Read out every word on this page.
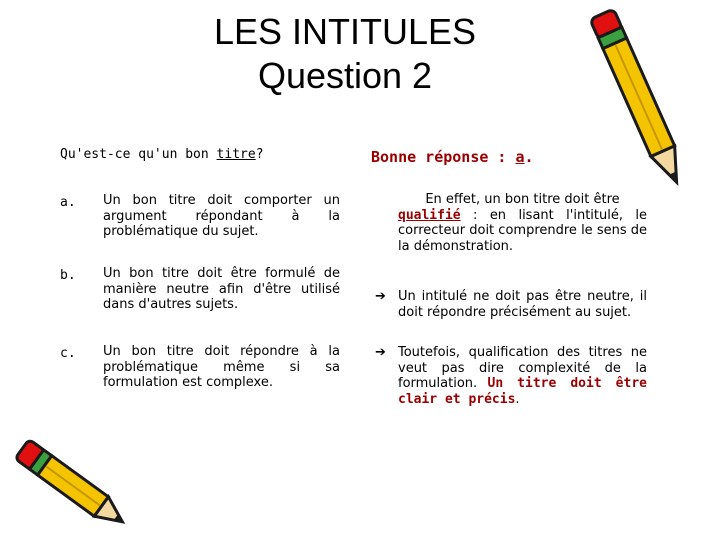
LES INTITULES
Question 2
Qu'est-ce qu'un bon titre?
a. Un bon titre doit comporter un argument répondant à la problématique du sujet.
b. Un bon titre doit être formulé de manière neutre afin d'être utilisé dans d'autres sujets.
c. Un bon titre doit répondre à la problématique même si sa formulation est complexe.
Bonne réponse : a.
En effet, un bon titre doit être
qualifié : en lisant l'intitulé, le correcteur doit comprendre le sens de la démonstration.
➔ Un intitulé ne doit pas être neutre, il doit répondre précisément au sujet.
➔ Toutefois, qualification des titres ne veut pas dire complexité de la formulation. Un titre doit être clair et précis.
